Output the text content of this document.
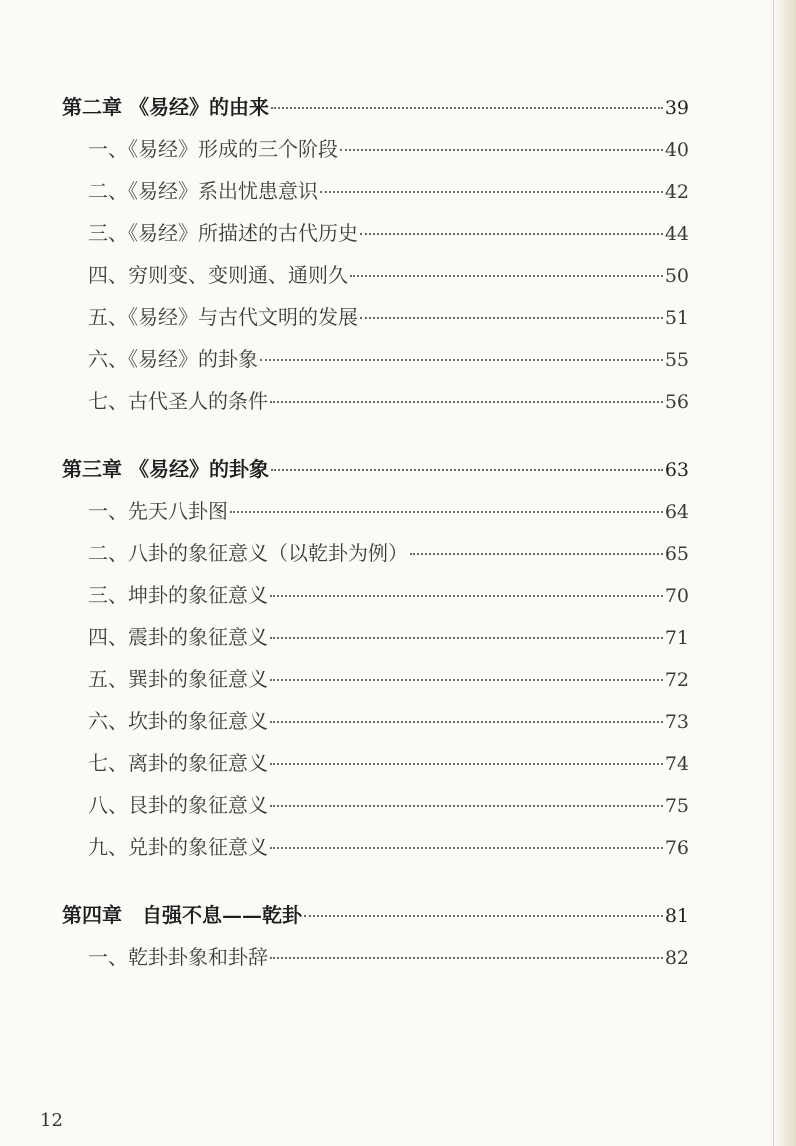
第二章 《易经》的由来	39
一、《易经》形成的三个阶段	40
二、《易经》系出忧患意识	42
三、《易经》所描述的古代历史	44
四、穷则变、变则通、通则久	50
五、《易经》与古代文明的发展	51
六、《易经》的卦象	55
七、古代圣人的条件	56
第三章 《易经》的卦象	63
一、先天八卦图	64
二、八卦的象征意义（以乾卦为例）	65
三、坤卦的象征意义	70
四、震卦的象征意义	71
五、巽卦的象征意义	72
六、坎卦的象征意义	73
七、离卦的象征意义	74
八、艮卦的象征意义	75
九、兑卦的象征意义	76
第四章　自强不息——乾卦	81
一、乾卦卦象和卦辞	82
12
